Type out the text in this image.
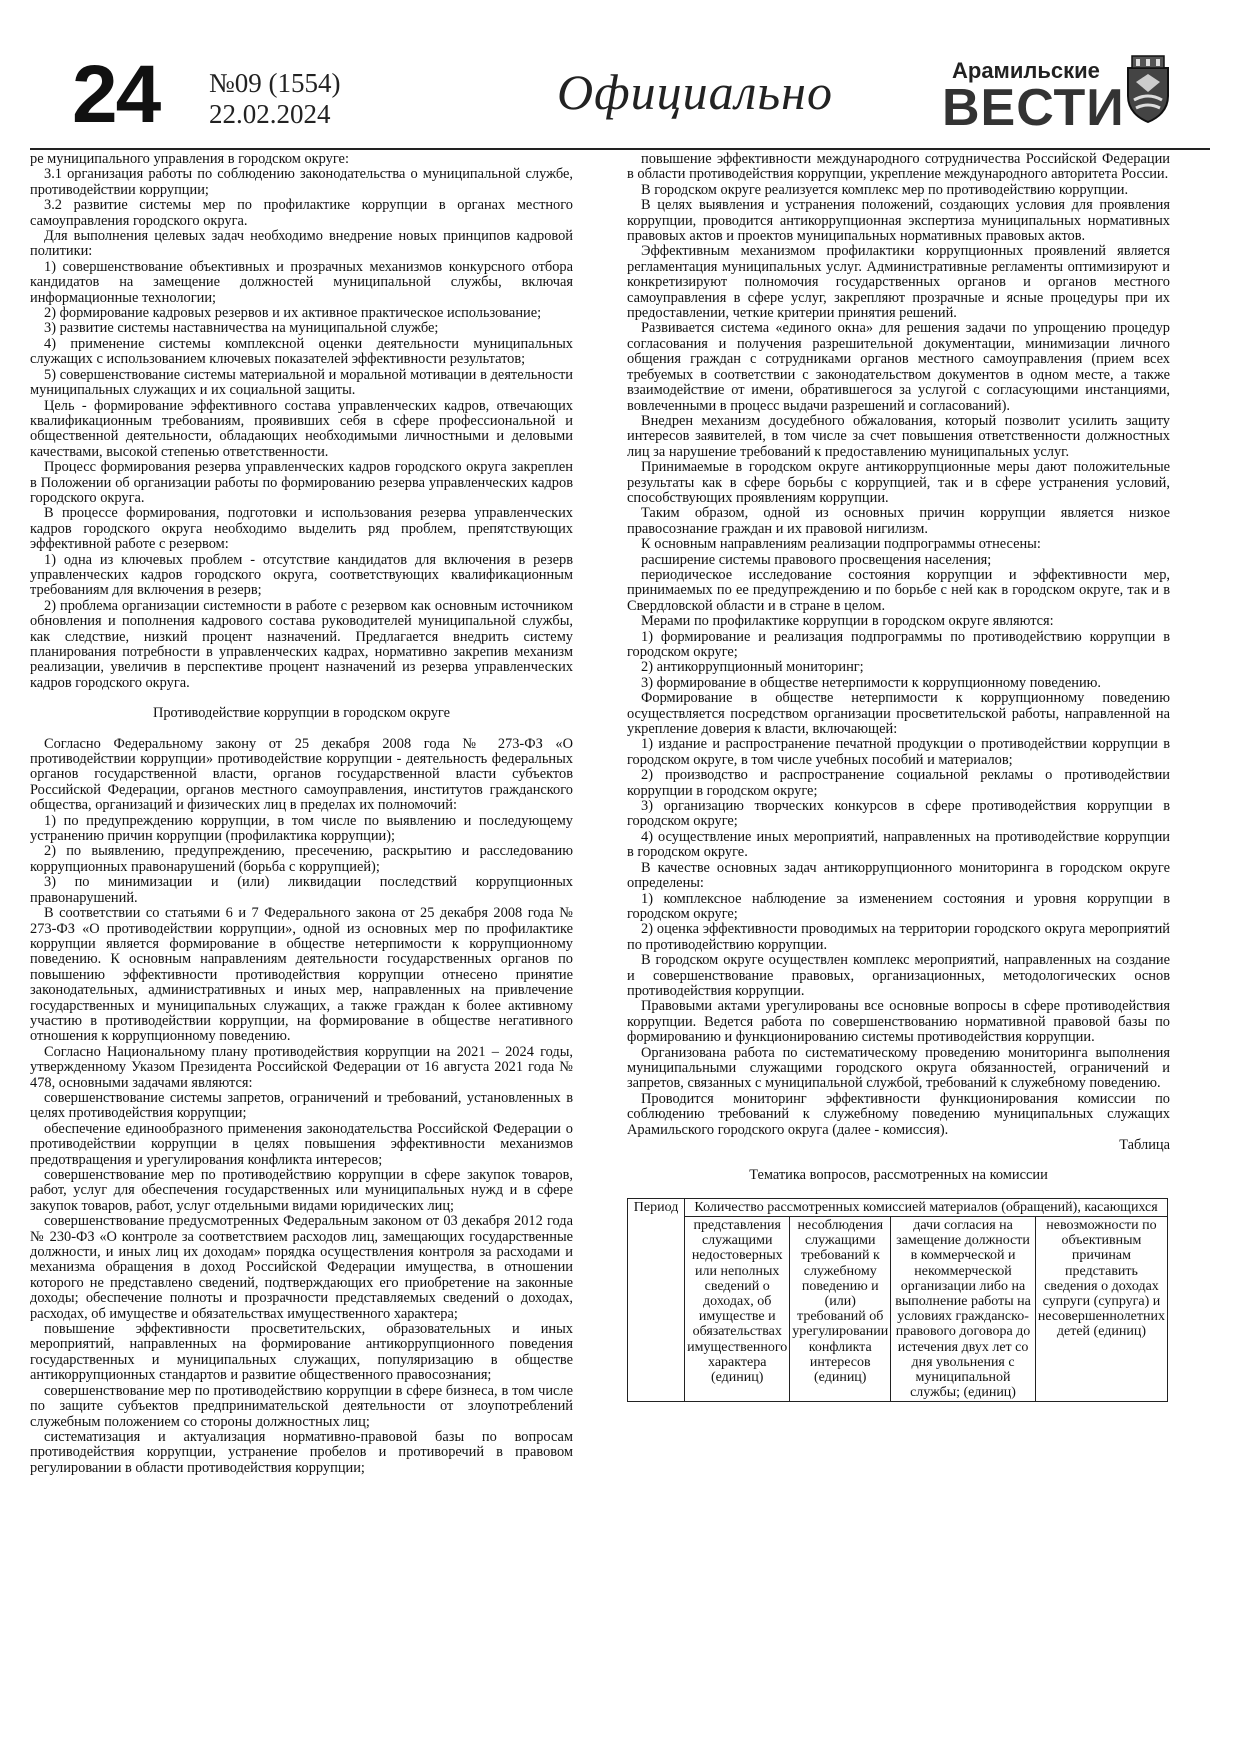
24 №09 (1554)
22.02.2024	Официально	Арамильские
ВЕСТИ

ре муниципального управления в городском округе:

3.1 организация работы по соблюдению законодательства о муниципальной службе, противодействии коррупции;

3.2 развитие системы мер по профилактике коррупции в органах местного самоуправления городского округа.

Для выполнения целевых задач необходимо внедрение новых принципов кадровой политики:

1) совершенствование объективных и прозрачных механизмов конкурсного отбора кандидатов на замещение должностей муниципальной службы, включая информационные технологии;

2) формирование кадровых резервов и их активное практическое использование;

3) развитие системы наставничества на муниципальной службе;

4) применение системы комплексной оценки деятельности муниципальных служащих с использованием ключевых показателей эффективности результатов;

5) совершенствование системы материальной и моральной мотивации в деятельности муниципальных служащих и их социальной защиты.

Цель - формирование эффективного состава управленческих кадров, отвечающих квалификационным требованиям, проявивших себя в сфере профессиональной и общественной деятельности, обладающих необходимыми личностными и деловыми качествами, высокой степенью ответственности.

Процесс формирования резерва управленческих кадров городского округа закреплен в Положении об организации работы по формированию резерва управленческих кадров городского округа.

В процессе формирования, подготовки и использования резерва управленческих кадров городского округа необходимо выделить ряд проблем, препятствующих эффективной работе с резервом:

1) одна из ключевых проблем - отсутствие кандидатов для включения в резерв управленческих кадров городского округа, соответствующих квалификационным требованиям для включения в резерв;

2) проблема организации системности в работе с резервом как основным источником обновления и пополнения кадрового состава руководителей муниципальной службы, как следствие, низкий процент назначений. Предлагается внедрить систему планирования потребности в управленческих кадрах, нормативно закрепив механизм реализации, увеличив в перспективе процент назначений из резерва управленческих кадров городского округа.

Противодействие коррупции в городском округе

Согласно Федеральному закону от 25 декабря 2008 года № 273-ФЗ «О противодействии коррупции» противодействие коррупции - деятельность федеральных органов государственной власти, органов государственной власти субъектов Российской Федерации, органов местного самоуправления, институтов гражданского общества, организаций и физических лиц в пределах их полномочий:

1) по предупреждению коррупции, в том числе по выявлению и последующему устранению причин коррупции (профилактика коррупции);

2) по выявлению, предупреждению, пресечению, раскрытию и расследованию коррупционных правонарушений (борьба с коррупцией);

3) по минимизации и (или) ликвидации последствий коррупционных правонарушений.

В соответствии со статьями 6 и 7 Федерального закона от 25 декабря 2008 года № 273-ФЗ «О противодействии коррупции», одной из основных мер по профилактике коррупции является формирование в обществе нетерпимости к коррупционному поведению. К основным направлениям деятельности государственных органов по повышению эффективности противодействия коррупции отнесено принятие законодательных, административных и иных мер, направленных на привлечение государственных и муниципальных служащих, а также граждан к более активному участию в противодействии коррупции, на формирование в обществе негативного отношения к коррупционному поведению.

Согласно Национальному плану противодействия коррупции на 2021 – 2024 годы, утвержденному Указом Президента Российской Федерации от 16 августа 2021 года № 478, основными задачами являются:

совершенствование системы запретов, ограничений и требований, установленных в целях противодействия коррупции;

обеспечение единообразного применения законодательства Российской Федерации о противодействии коррупции в целях повышения эффективности механизмов предотвращения и урегулирования конфликта интересов;

совершенствование мер по противодействию коррупции в сфере закупок товаров, работ, услуг для обеспечения государственных или муниципальных нужд и в сфере закупок товаров, работ, услуг отдельными видами юридических лиц;

совершенствование предусмотренных Федеральным законом от 03 декабря 2012 года № 230-ФЗ «О контроле за соответствием расходов лиц, замещающих государственные должности, и иных лиц их доходам» порядка осуществления контроля за расходами и механизма обращения в доход Российской Федерации имущества, в отношении которого не представлено сведений, подтверждающих его приобретение на законные доходы; обеспечение полноты и прозрачности представляемых сведений о доходах, расходах, об имуществе и обязательствах имущественного характера;

повышение эффективности просветительских, образовательных и иных мероприятий, направленных на формирование антикоррупционного поведения государственных и муниципальных служащих, популяризацию в обществе антикоррупционных стандартов и развитие общественного правосознания;

совершенствование мер по противодействию коррупции в сфере бизнеса, в том числе по защите субъектов предпринимательской деятельности от злоупотреблений служебным положением со стороны должностных лиц;

систематизация и актуализация нормативно-правовой базы по вопросам противодействия коррупции, устранение пробелов и противоречий в правовом регулировании в области противодействия коррупции;

повышение эффективности международного сотрудничества Российской Федерации в области противодействия коррупции, укрепление международного авторитета России.

В городском округе реализуется комплекс мер по противодействию коррупции.

В целях выявления и устранения положений, создающих условия для проявления коррупции, проводится антикоррупционная экспертиза муниципальных нормативных правовых актов и проектов муниципальных нормативных правовых актов.

Эффективным механизмом профилактики коррупционных проявлений является регламентация муниципальных услуг. Административные регламенты оптимизируют и конкретизируют полномочия государственных органов и органов местного самоуправления в сфере услуг, закрепляют прозрачные и ясные процедуры при их предоставлении, четкие критерии принятия решений.

Развивается система «единого окна» для решения задачи по упрощению процедур согласования и получения разрешительной документации, минимизации личного общения граждан с сотрудниками органов местного самоуправления (прием всех требуемых в соответствии с законодательством документов в одном месте, а также взаимодействие от имени, обратившегося за услугой с согласующими инстанциями, вовлеченными в процесс выдачи разрешений и согласований).

Внедрен механизм досудебного обжалования, который позволит усилить защиту интересов заявителей, в том числе за счет повышения ответственности должностных лиц за нарушение требований к предоставлению муниципальных услуг.

Принимаемые в городском округе антикоррупционные меры дают положительные результаты как в сфере борьбы с коррупцией, так и в сфере устранения условий, способствующих проявлениям коррупции.

Таким образом, одной из основных причин коррупции является низкое правосознание граждан и их правовой нигилизм.

К основным направлениям реализации подпрограммы отнесены:

расширение системы правового просвещения населения;

периодическое исследование состояния коррупции и эффективности мер, принимаемых по ее предупреждению и по борьбе с ней как в городском округе, так и в Свердловской области и в стране в целом.

Мерами по профилактике коррупции в городском округе являются:

1) формирование и реализация подпрограммы по противодействию коррупции в городском округе;

2) антикоррупционный мониторинг;

3) формирование в обществе нетерпимости к коррупционному поведению.

Формирование в обществе нетерпимости к коррупционному поведению осуществляется посредством организации просветительской работы, направленной на укрепление доверия к власти, включающей:

1) издание и распространение печатной продукции о противодействии коррупции в городском округе, в том числе учебных пособий и материалов;

2) производство и распространение социальной рекламы о противодействии коррупции в городском округе;

3) организацию творческих конкурсов в сфере противодействия коррупции в городском округе;

4) осуществление иных мероприятий, направленных на противодействие коррупции в городском округе.

В качестве основных задач антикоррупционного мониторинга в городском округе определены:

1) комплексное наблюдение за изменением состояния и уровня коррупции в городском округе;

2) оценка эффективности проводимых на территории городского округа мероприятий по противодействию коррупции.

В городском округе осуществлен комплекс мероприятий, направленных на создание и совершенствование правовых, организационных, методологических основ противодействия коррупции.

Правовыми актами урегулированы все основные вопросы в сфере противодействия коррупции. Ведется работа по совершенствованию нормативной правовой базы по формированию и функционированию системы противодействия коррупции.

Организована работа по систематическому проведению мониторинга выполнения муниципальными служащими городского округа обязанностей, ограничений и запретов, связанных с муниципальной службой, требований к служебному поведению.

Проводится мониторинг эффективности функционирования комиссии по соблюдению требований к служебному поведению муниципальных служащих Арамильского городского округа (далее - комиссия).

Таблица

Тематика вопросов, рассмотренных на комиссии

Период	Количество рассмотренных комиссией материалов (обращений), касающихся			
	представления служащими недостоверных или неполных сведений о доходах, об имуществе и обязательствах имущественного характера (единиц)	несоблюдения служащими требований к служебному поведению и (или) требований об урегулировании конфликта интересов (единиц)	дачи согласия на замещение должности в коммерческой и некоммерческой организации либо на выполнение работы на условиях гражданско-правового договора до истечения двух лет со дня увольнения с муниципальной службы; (единиц)	невозможности по объективным причинам представить сведения о доходах супруги (супруга) и несовершеннолетних детей (единиц)
